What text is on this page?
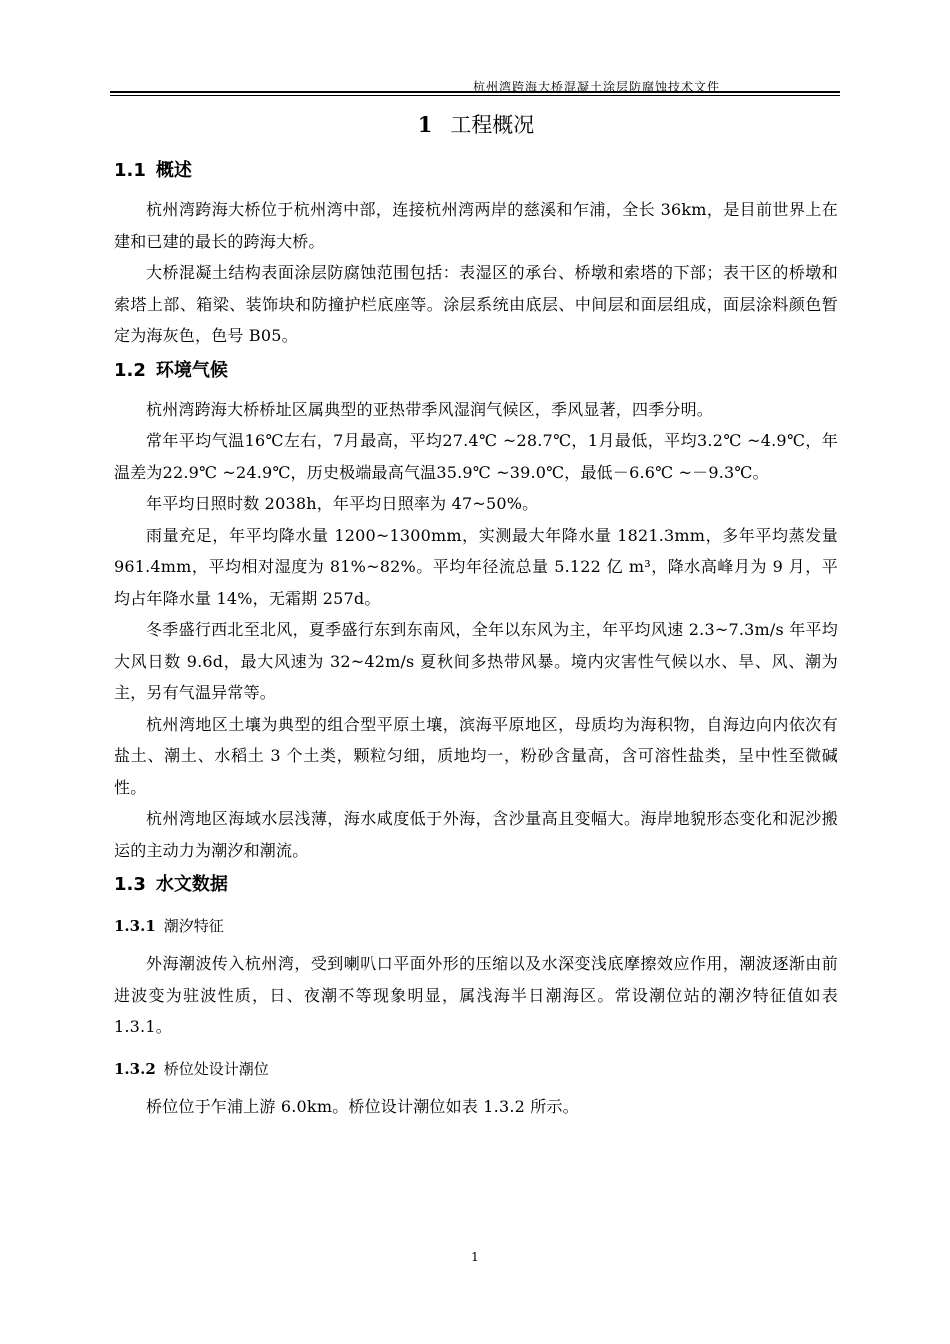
杭州湾跨海大桥混凝土涂层防腐蚀技术文件
1 工程概况
1.1 概述

杭州湾跨海大桥位于杭州湾中部，连接杭州湾两岸的慈溪和乍浦，全长 36km，是目前世界上在建和已建的最长的跨海大桥。

大桥混凝土结构表面涂层防腐蚀范围包括：表湿区的承台、桥墩和索塔的下部；表干区的桥墩和索塔上部、箱梁、装饰块和防撞护栏底座等。涂层系统由底层、中间层和面层组成，面层涂料颜色暂定为海灰色，色号 B05。

1.2 环境气候

杭州湾跨海大桥桥址区属典型的亚热带季风湿润气候区，季风显著，四季分明。

常年平均气温16℃左右，7月最高，平均27.4℃ ~28.7℃，1月最低，平均3.2℃ ~4.9℃，年温差为22.9℃ ~24.9℃，历史极端最高气温35.9℃ ~39.0℃，最低－6.6℃ ~－9.3℃。

年平均日照时数 2038h，年平均日照率为 47~50%。

雨量充足，年平均降水量 1200~1300mm，实测最大年降水量 1821.3mm，多年平均蒸发量 961.4mm，平均相对湿度为 81%~82%。平均年径流总量 5.122 亿 m³，降水高峰月为 9 月，平均占年降水量 14%，无霜期 257d。

冬季盛行西北至北风，夏季盛行东到东南风，全年以东风为主，年平均风速 2.3~7.3m/s 年平均大风日数 9.6d，最大风速为 32~42m/s 夏秋间多热带风暴。境内灾害性气候以水、旱、风、潮为主，另有气温异常等。

杭州湾地区土壤为典型的组合型平原土壤，滨海平原地区，母质均为海积物，自海边向内依次有盐土、潮土、水稻土 3 个土类，颗粒匀细，质地均一，粉砂含量高，含可溶性盐类，呈中性至微碱性。

杭州湾地区海域水层浅薄，海水咸度低于外海，含沙量高且变幅大。海岸地貌形态变化和泥沙搬运的主动力为潮汐和潮流。

1.3 水文数据
1.3.1 潮汐特征

外海潮波传入杭州湾，受到喇叭口平面外形的压缩以及水深变浅底摩擦效应作用，潮波逐渐由前进波变为驻波性质，日、夜潮不等现象明显，属浅海半日潮海区。常设潮位站的潮汐特征值如表 1.3.1。

1.3.2 桥位处设计潮位

桥位位于乍浦上游 6.0km。桥位设计潮位如表 1.3.2 所示。

1
